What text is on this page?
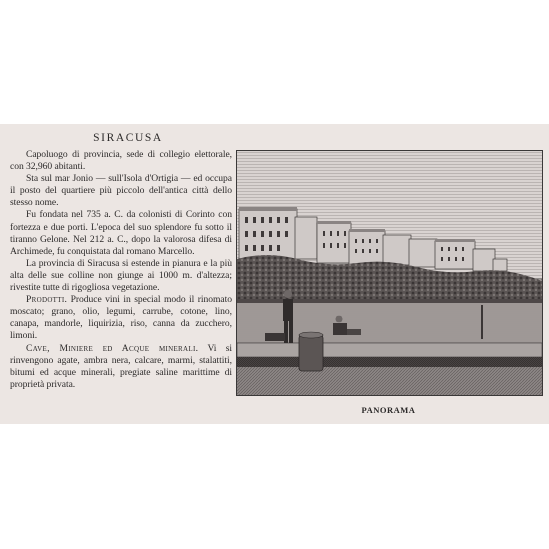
SIRACUSA

Capoluogo di provincia, sede di collegio elettorale, con 32,960 abitanti.

Sta sul mar Jonio — sull'Isola d'Ortigia — ed occupa il posto del quartiere più piccolo dell'antica città dello stesso nome.

Fu fondata nel 735 a. C. da colonisti di Corinto con fortezza e due porti. L'epoca del suo splendore fu sotto il tiranno Gelone. Nel 212 a. C., dopo la valorosa difesa di Archimede, fu conquistata dal romano Marcello.

La provincia di Siracusa si estende in pianura e la più alta delle sue colline non giunge ai 1000 m. d'altezza; rivestite tutte di rigogliosa vegetazione.

Prodotti. Produce vini in special modo il rinomato moscato; grano, olio, legumi, carrube, cotone, lino, canapa, mandorle, liquirizia, riso, canna da zucchero, limoni.

Cave, Miniere ed Acque minerali. Vi si rinvengono agate, ambra nera, calcare, marmi, stalattiti, bitumi ed acque minerali, pregiate saline marittime di proprietà privata.

PANORAMA
